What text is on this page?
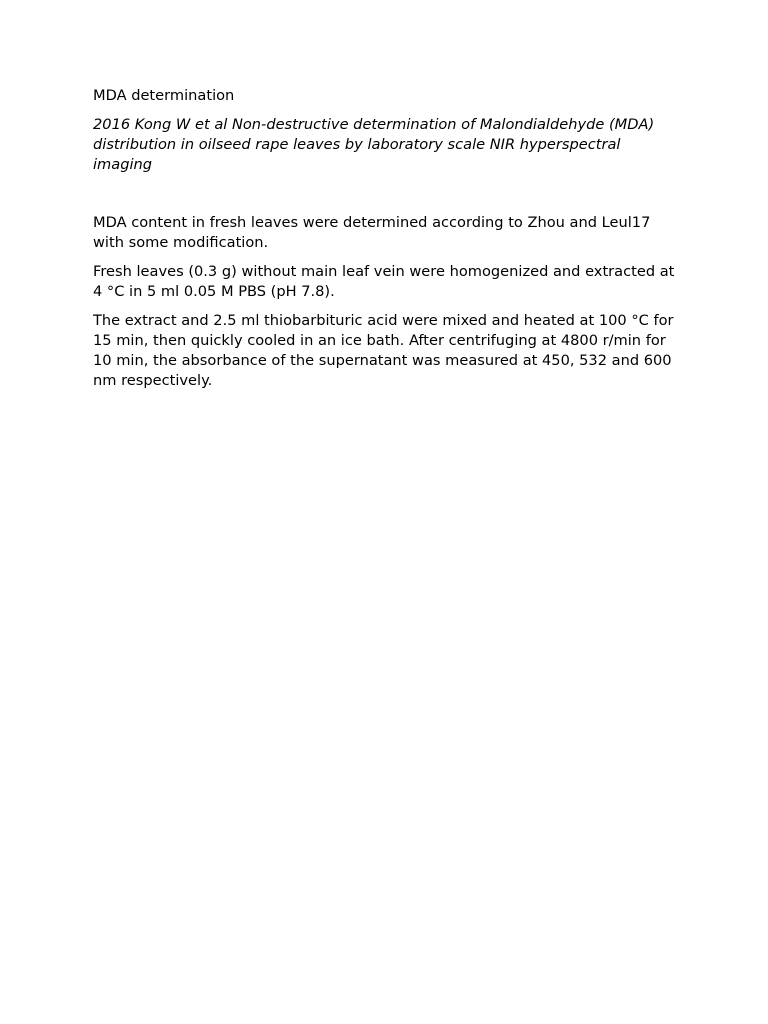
MDA determination

2016 Kong W et al Non-destructive determination of Malondialdehyde (MDA) distribution in oilseed rape leaves by laboratory scale NIR hyperspectral imaging

MDA content in fresh leaves were determined according to Zhou and Leul17 with some modification.

Fresh leaves (0.3 g) without main leaf vein were homogenized and extracted at 4 °C in 5 ml 0.05 M PBS (pH 7.8).

The extract and 2.5 ml thiobarbituric acid were mixed and heated at 100 °C for 15 min, then quickly cooled in an ice bath. After centrifuging at 4800 r/min for 10 min, the absorbance of the supernatant was measured at 450, 532 and 600 nm respectively.
